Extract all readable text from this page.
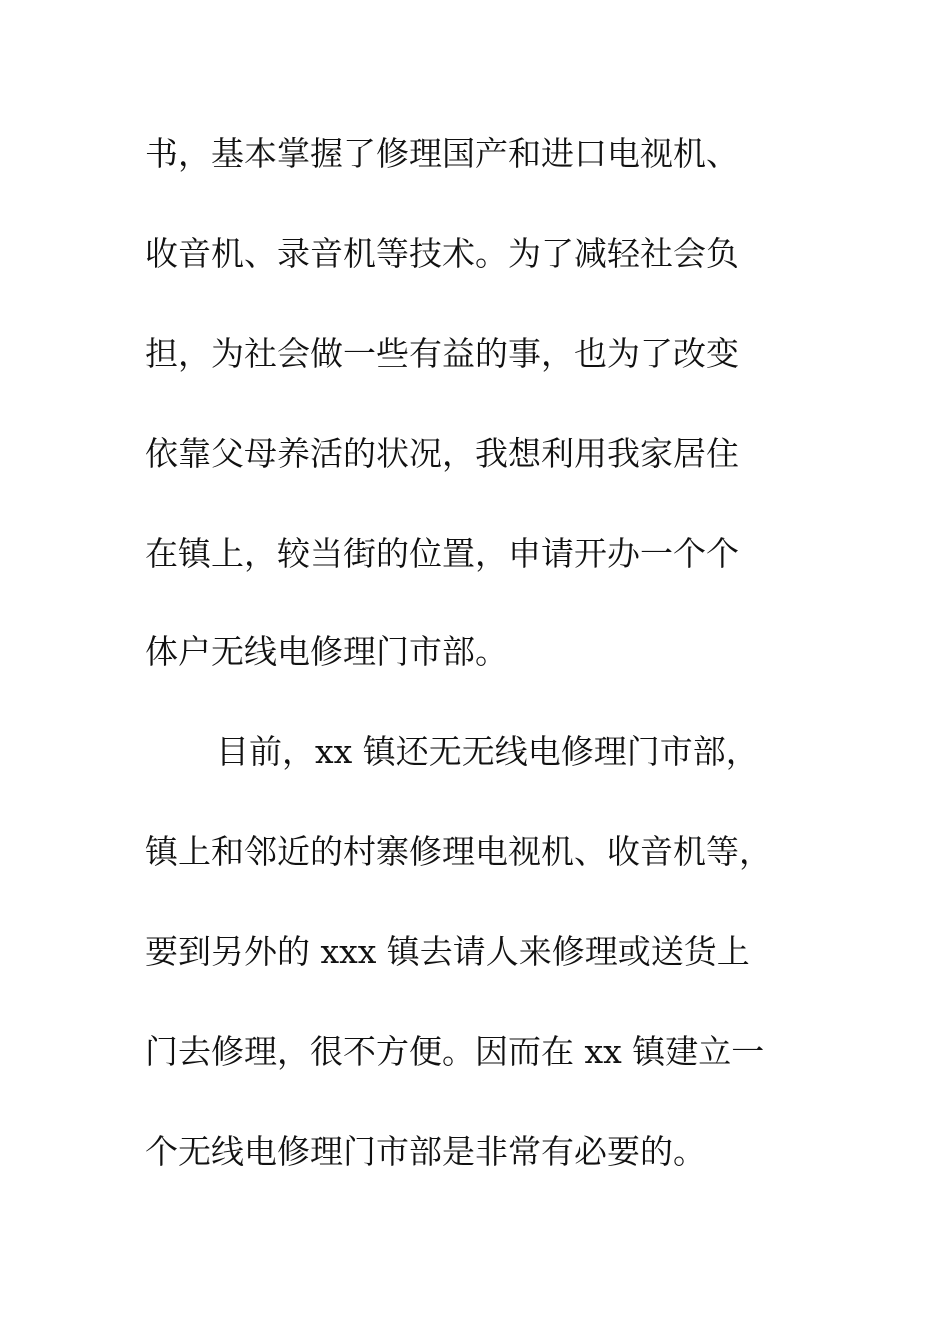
书，基本掌握了修理国产和进口电视机、

收音机、录音机等技术。为了减轻社会负

担，为社会做一些有益的事，也为了改变

依靠父母养活的状况，我想利用我家居住

在镇上，较当街的位置，申请开办一个个

体户无线电修理门市部。

目前，xx 镇还无无线电修理门市部，

镇上和邻近的村寨修理电视机、收音机等，

要到另外的 xxx 镇去请人来修理或送货上

门去修理，很不方便。因而在 xx 镇建立一

个无线电修理门市部是非常有必要的。
